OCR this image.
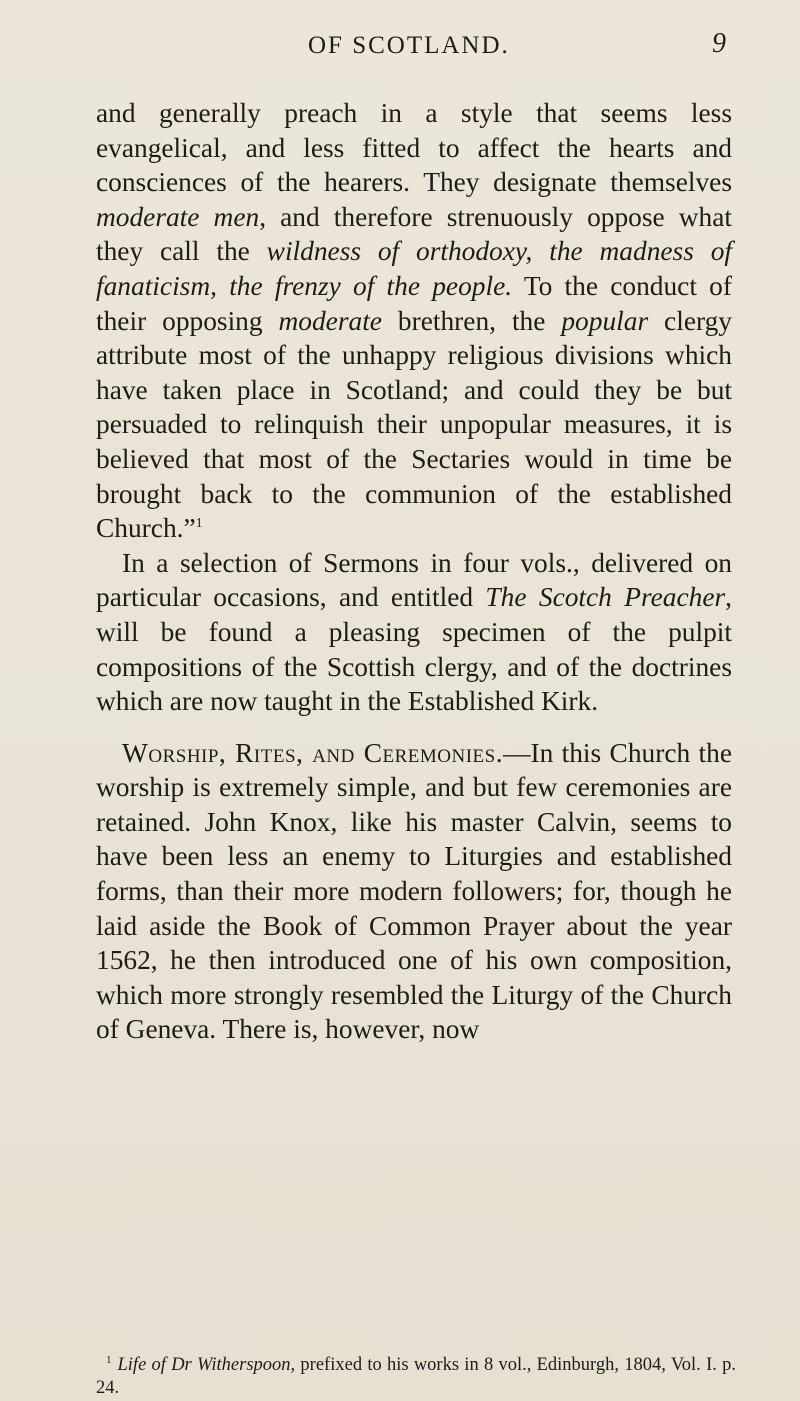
OF SCOTLAND.	9

and generally preach in a style that seems less evangelical, and less fitted to affect the hearts and consciences of the hearers. They designate themselves moderate men, and therefore strenuously oppose what they call the wildness of orthodoxy, the madness of fanaticism, the frenzy of the people. To the conduct of their opposing moderate brethren, the popular clergy attribute most of the unhappy religious divisions which have taken place in Scotland; and could they be but persuaded to relinquish their unpopular measures, it is believed that most of the Sectaries would in time be brought back to the communion of the established Church.”$^1$

In a selection of Sermons in four vols., delivered on particular occasions, and entitled The Scotch Preacher, will be found a pleasing specimen of the pulpit compositions of the Scottish clergy, and of the doctrines which are now taught in the Established Kirk.

Worship, Rites, and Ceremonies.—In this Church the worship is extremely simple, and but few ceremonies are retained. John Knox, like his master Calvin, seems to have been less an enemy to Liturgies and established forms, than their more modern followers; for, though he laid aside the Book of Common Prayer about the year 1562, he then introduced one of his own composition, which more strongly resembled the Liturgy of the Church of Geneva. There is, however, now

$^1$ Life of Dr Witherspoon, prefixed to his works in 8 vol., Edinburgh, 1804, Vol. I. p. 24.
